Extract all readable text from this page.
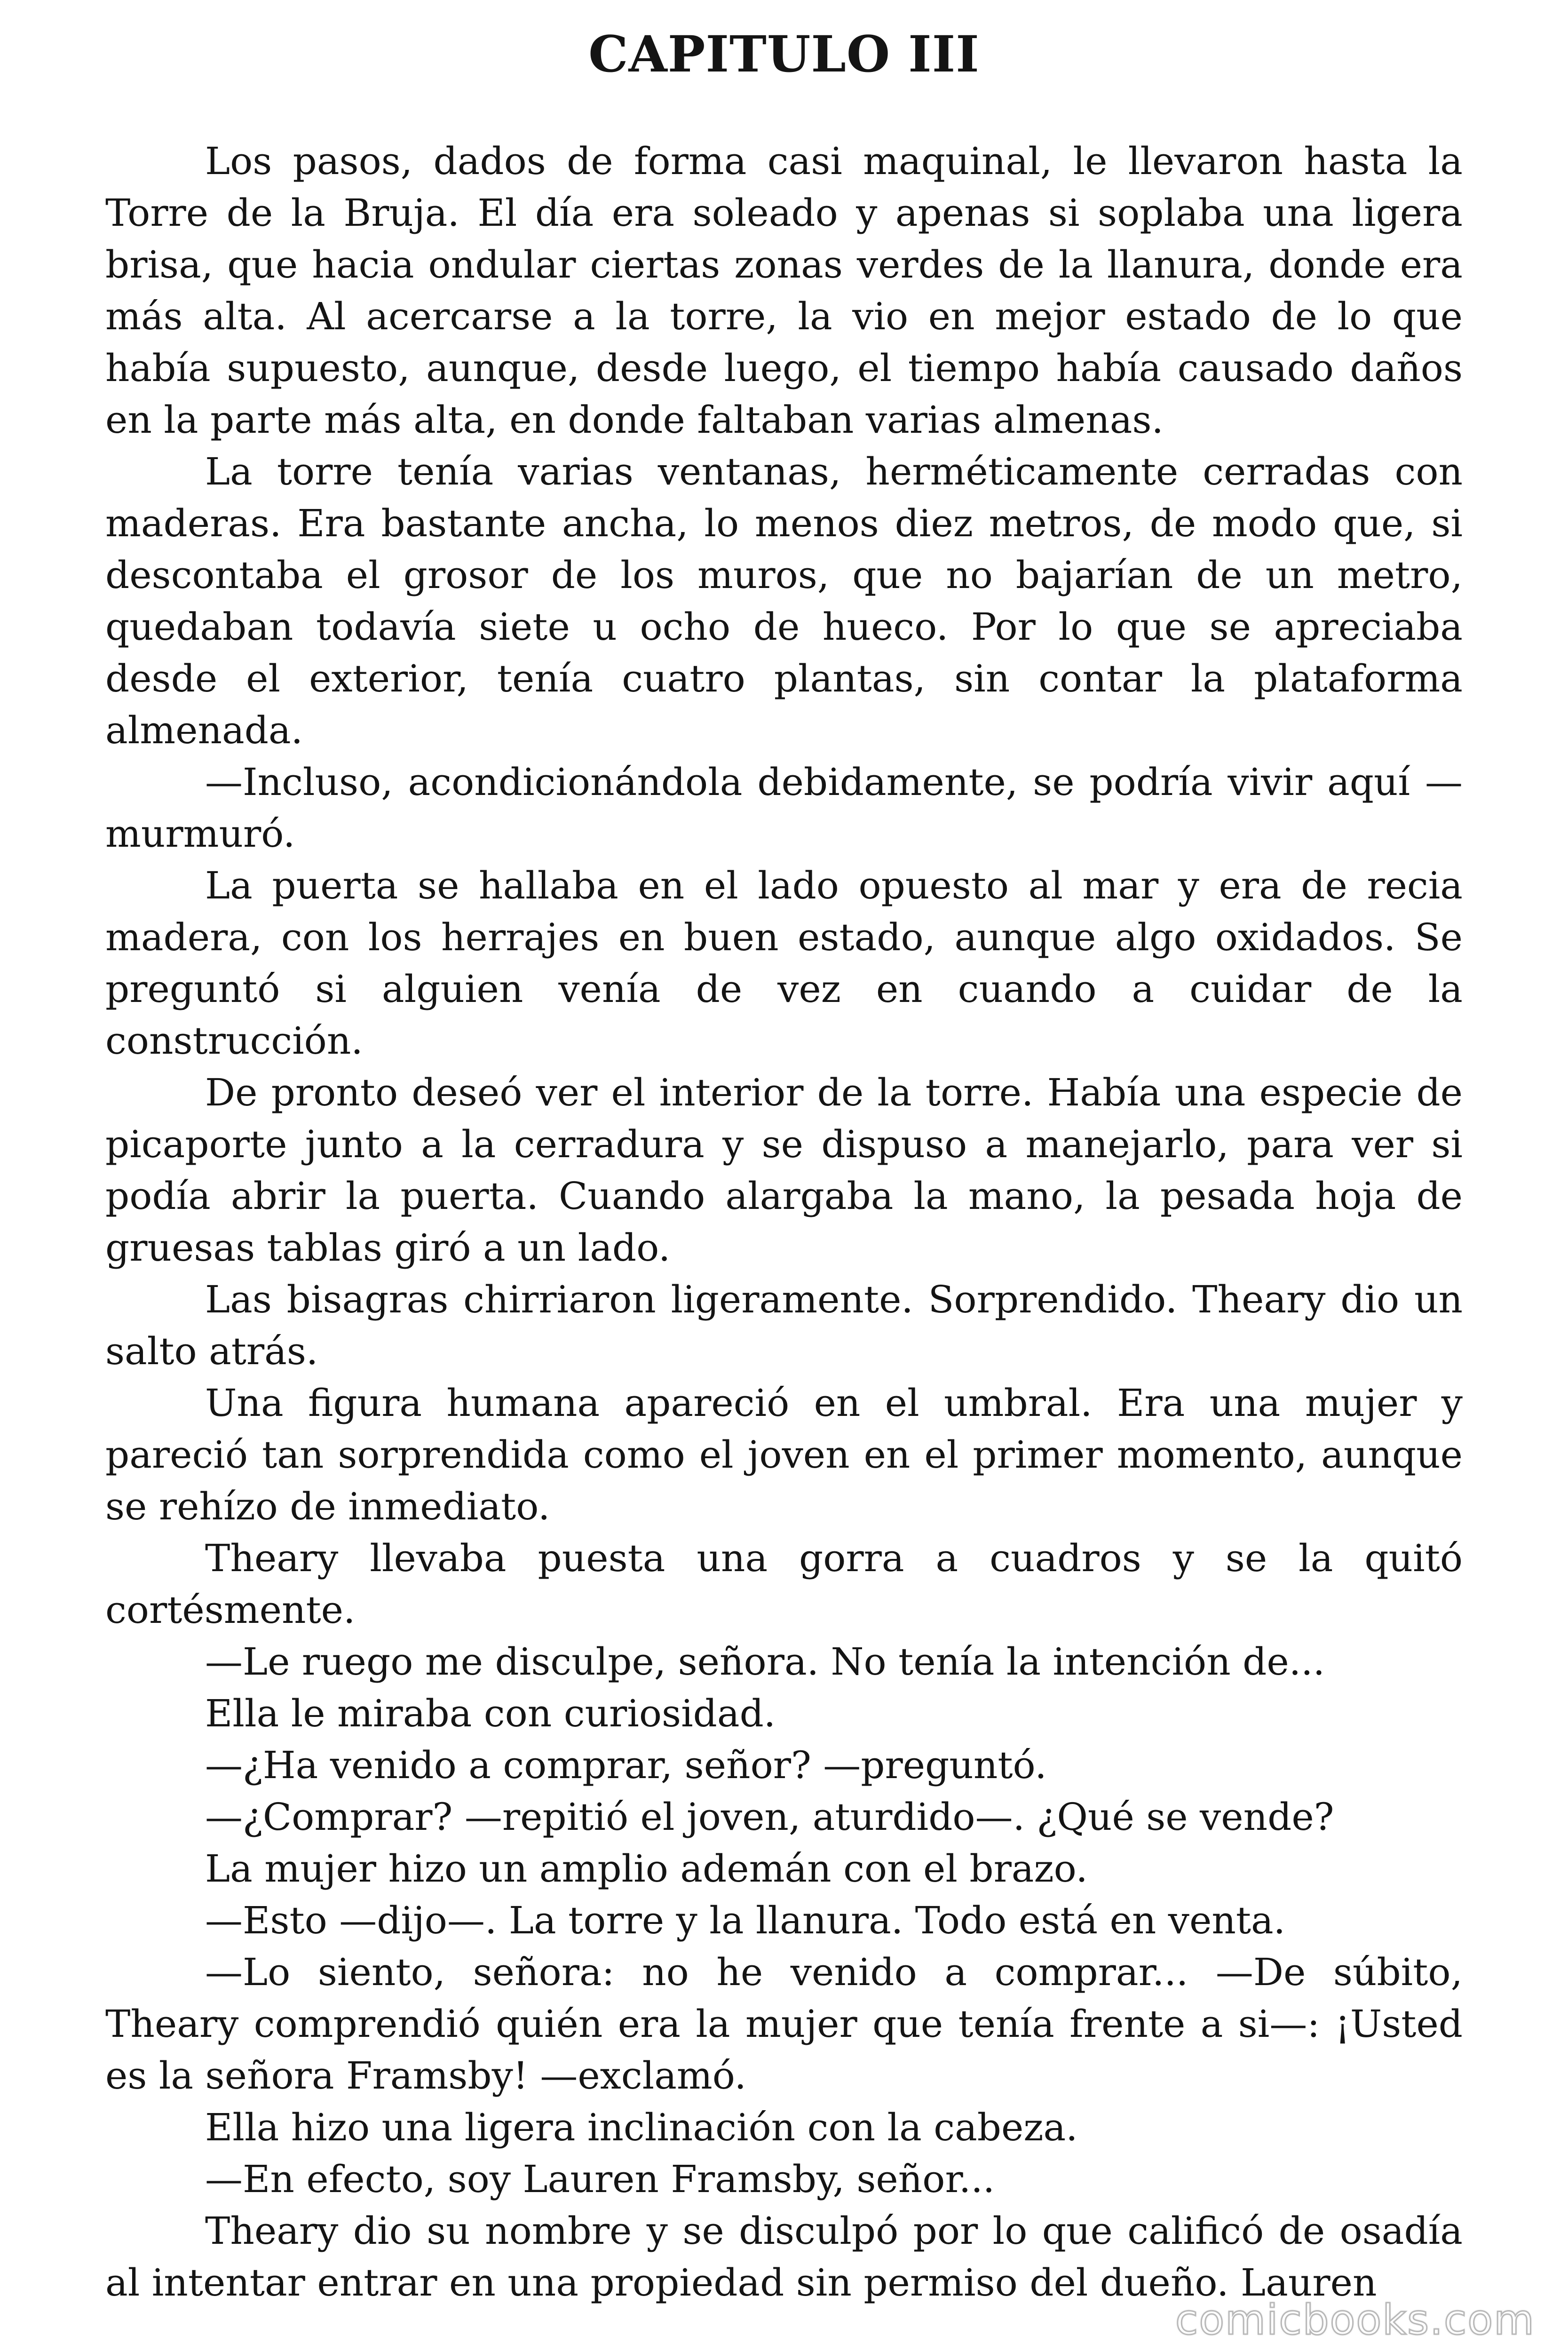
CAPITULO III

Los pasos, dados de forma casi maquinal, le llevaron hasta la Torre de la Bruja. El día era soleado y apenas si soplaba una ligera brisa, que hacia ondular ciertas zonas verdes de la llanura, donde era más alta. Al acercarse a la torre, la vio en mejor estado de lo que había supuesto, aunque, desde luego, el tiempo había causado daños en la parte más alta, en donde faltaban varias almenas.

La torre tenía varias ventanas, herméticamente cerradas con maderas. Era bastante ancha, lo menos diez metros, de modo que, si descontaba el grosor de los muros, que no bajarían de un metro, quedaban todavía siete u ocho de hueco. Por lo que se apreciaba desde el exterior, tenía cuatro plantas, sin contar la plataforma almenada.

—Incluso, acondicionándola debidamente, se podría vivir aquí —murmuró.

La puerta se hallaba en el lado opuesto al mar y era de recia madera, con los herrajes en buen estado, aunque algo oxidados. Se preguntó si alguien venía de vez en cuando a cuidar de la construcción.

De pronto deseó ver el interior de la torre. Había una especie de picaporte junto a la cerradura y se dispuso a manejarlo, para ver si podía abrir la puerta. Cuando alargaba la mano, la pesada hoja de gruesas tablas giró a un lado.

Las bisagras chirriaron ligeramente. Sorprendido. Theary dio un salto atrás.

Una figura humana apareció en el umbral. Era una mujer y pareció tan sorprendida como el joven en el primer momento, aunque se rehízo de inmediato.

Theary llevaba puesta una gorra a cuadros y se la quitó cortésmente.

—Le ruego me disculpe, señora. No tenía la intención de...

Ella le miraba con curiosidad.

—¿Ha venido a comprar, señor? —preguntó.

—¿Comprar? —repitió el joven, aturdido—. ¿Qué se vende?

La mujer hizo un amplio ademán con el brazo.

—Esto —dijo—. La torre y la llanura. Todo está en venta.

—Lo siento, señora: no he venido a comprar... —De súbito, Theary comprendió quién era la mujer que tenía frente a si—: ¡Usted es la señora Framsby! —exclamó.

Ella hizo una ligera inclinación con la cabeza.

—En efecto, soy Lauren Framsby, señor...

Theary dio su nombre y se disculpó por lo que calificó de osadía al intentar entrar en una propiedad sin permiso del dueño. Lauren

comicbooks.com
